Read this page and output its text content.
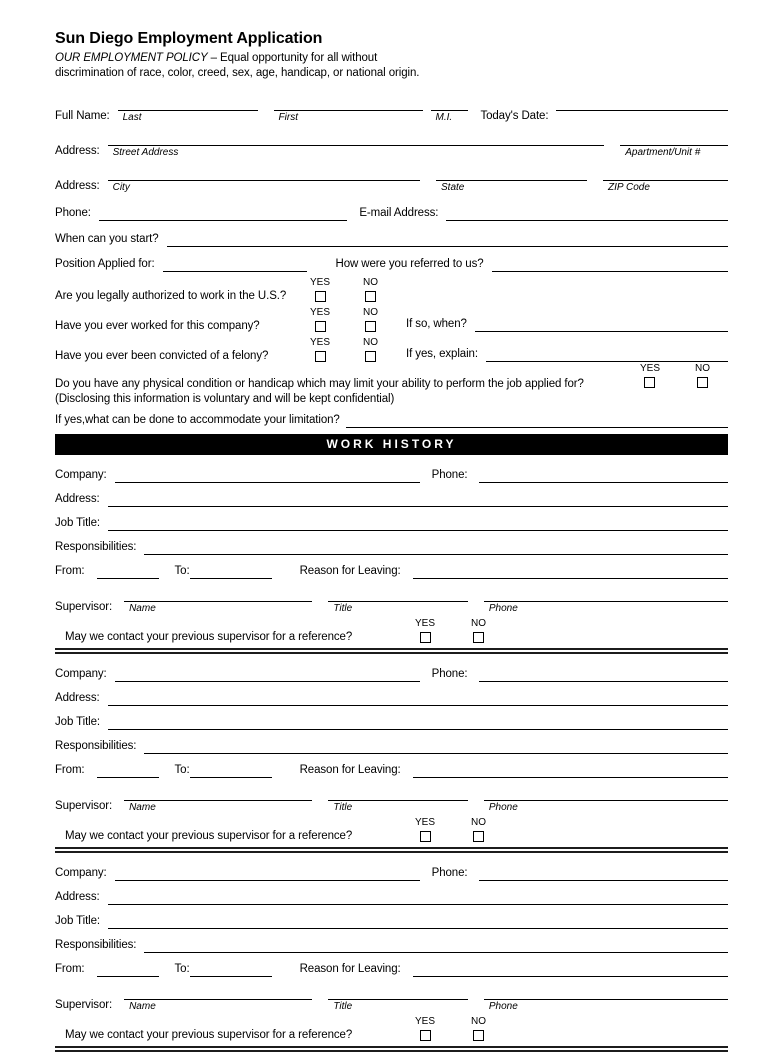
Sun Diego Employment Application
OUR EMPLOYMENT POLICY – Equal opportunity for all without
discrimination of race, color, creed, sex, age, handicap, or national origin.
Full Name:	Last	First	M.I.	Today's Date:
Address:	Street Address	Apartment/Unit #
Address:	City	State	ZIP Code
Phone:	E-mail Address:
When can you start?
Position Applied for:	How were you referred to us?
Are you legally authorized to work in the U.S.?
YES	NO
Have you ever worked for this company?
YES	NO
If so, when?
Have you ever been convicted of a felony?
YES	NO
If yes, explain:
Do you have any physical condition or handicap which may limit your ability to perform the job applied for?
(Disclosing this information is voluntary and will be kept confidential)
YES	NO
If yes,what can be done to accommodate your limitation?
WORK HISTORY
Company:	Phone:
Address:
Job Title:
Responsibilities:
From:	To:	Reason for Leaving:
Supervisor:	Name	Title	Phone
May we contact your previous supervisor for a reference?
YES	NO
Company:	Phone:
Address:
Job Title:
Responsibilities:
From:	To:	Reason for Leaving:
Supervisor:	Name	Title	Phone
May we contact your previous supervisor for a reference?
YES	NO
Company:	Phone:
Address:
Job Title:
Responsibilities:
From:	To:	Reason for Leaving:
Supervisor:	Name	Title	Phone
May we contact your previous supervisor for a reference?
YES	NO
